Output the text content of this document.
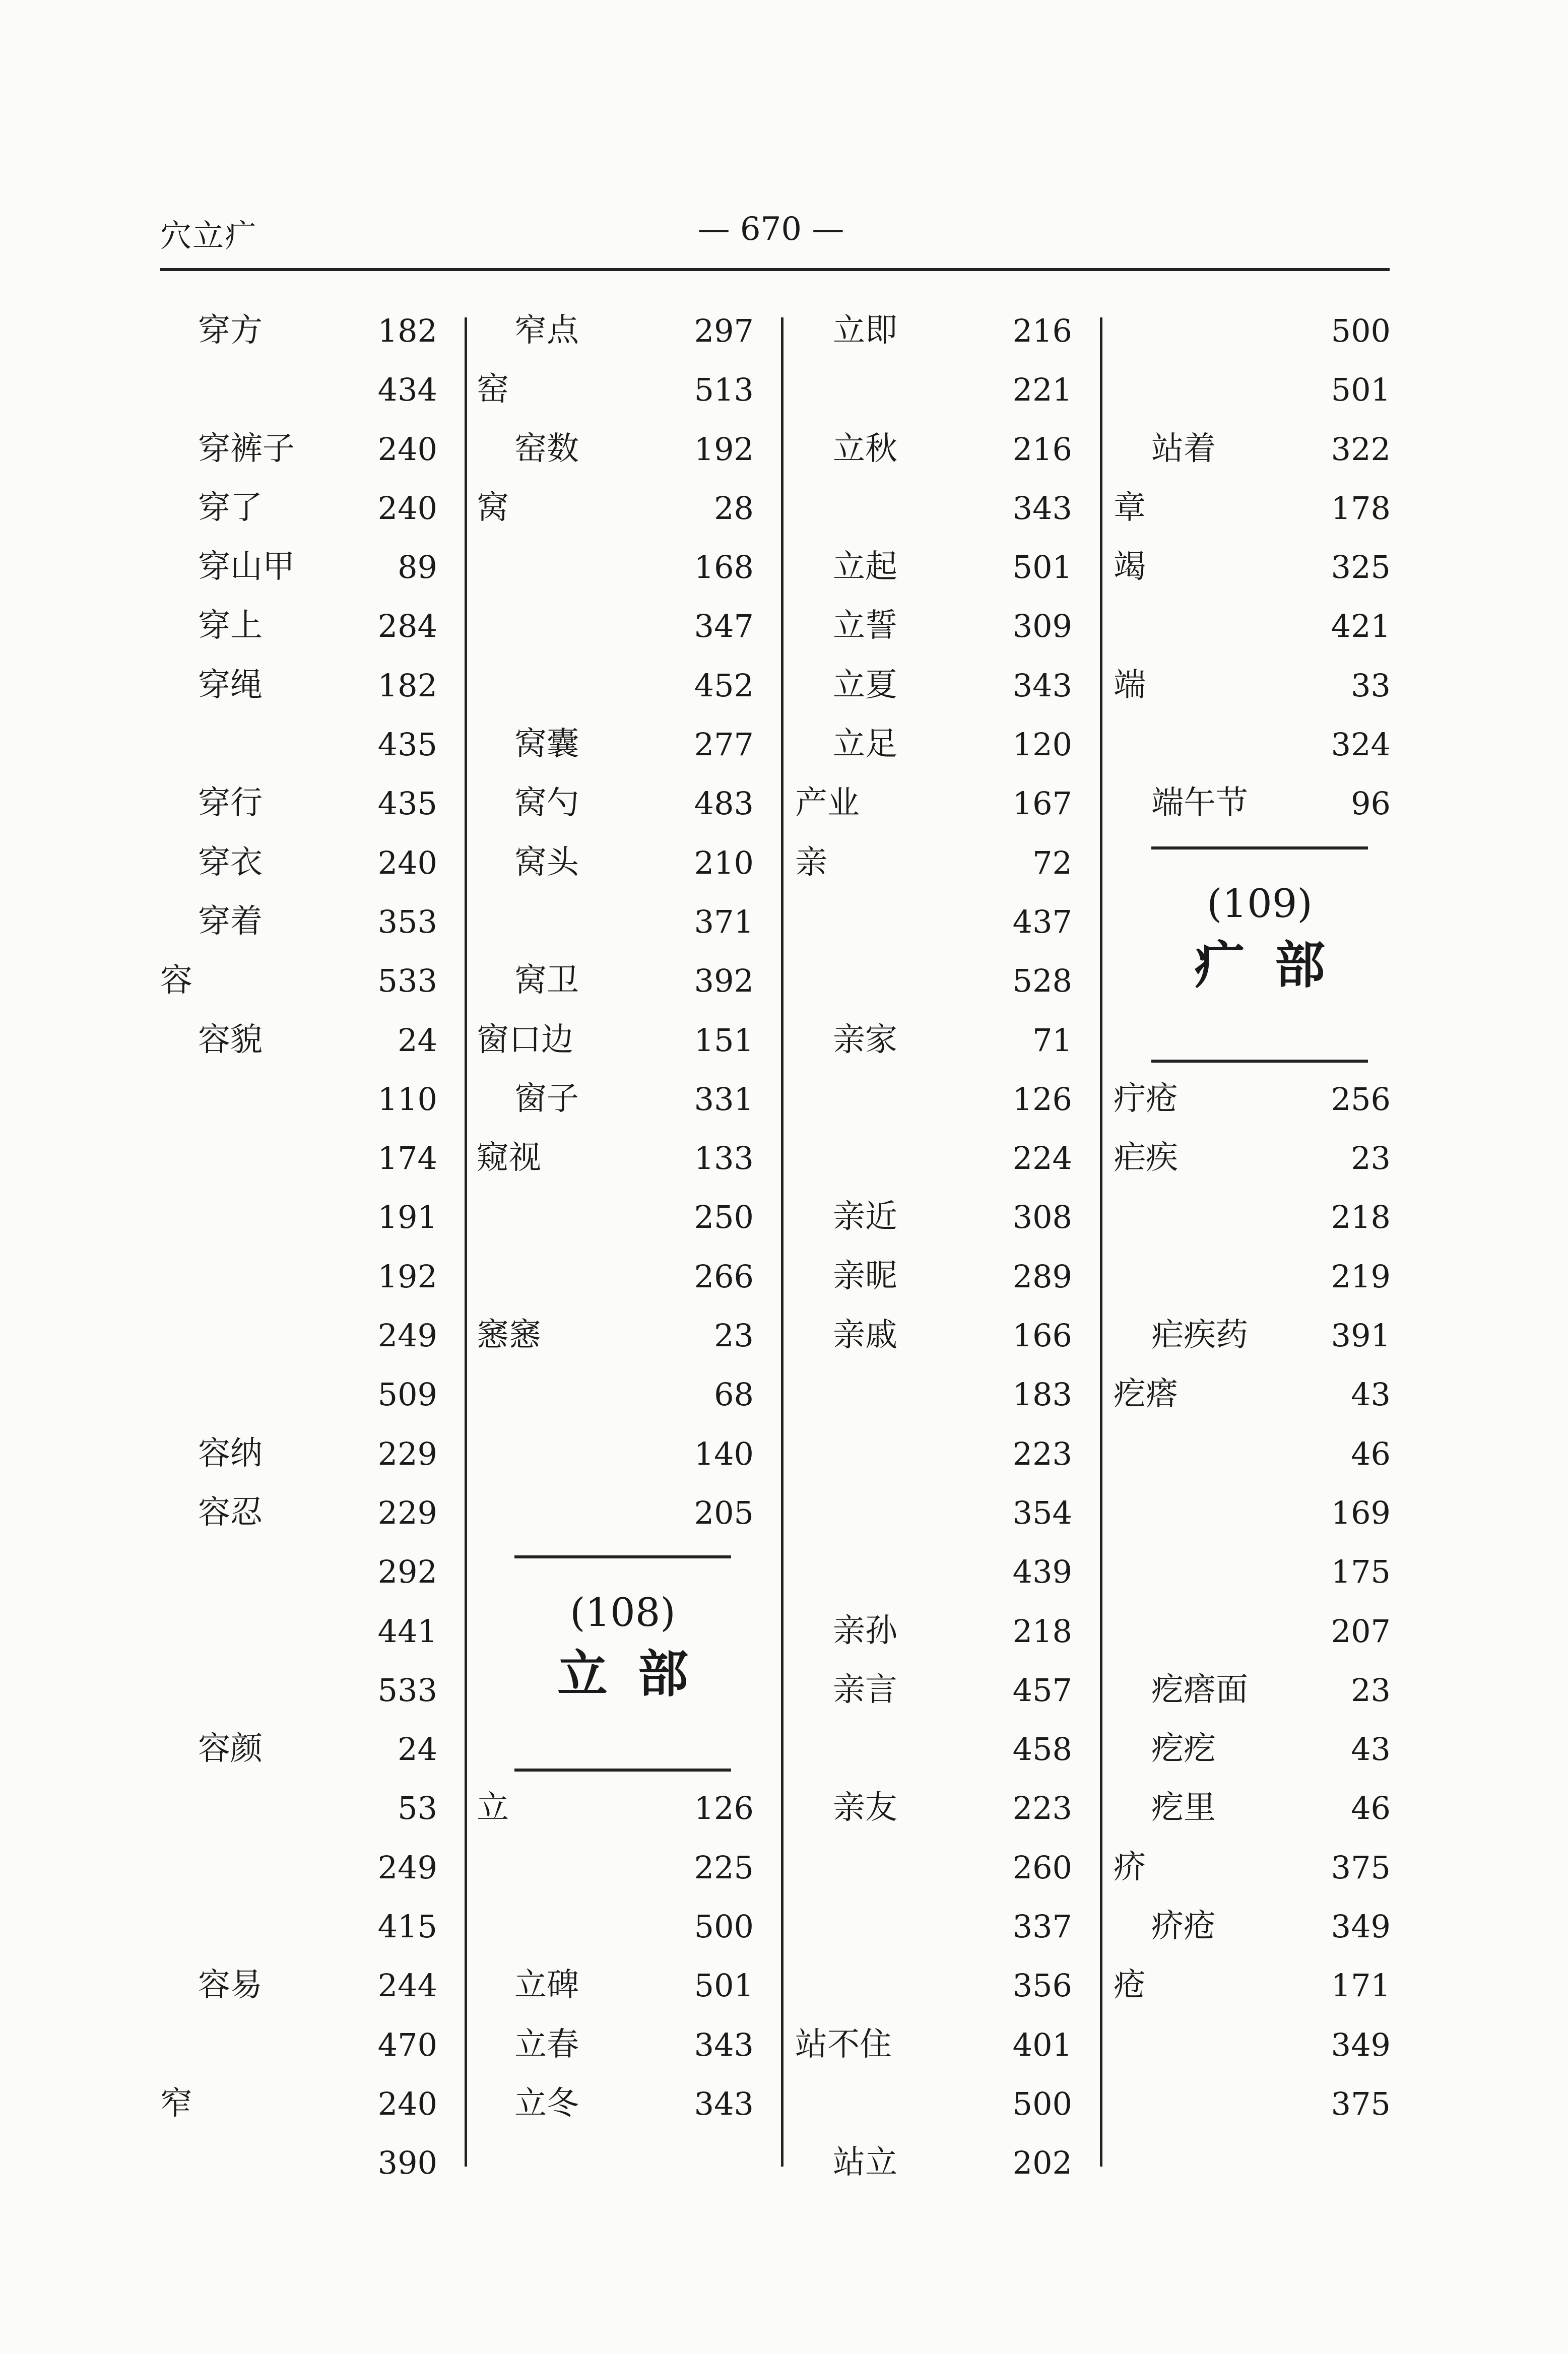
穴立疒	— 670 —
穿方	182
434
穿裤子	240
穿了	240
穿山甲	89
穿上	284
穿绳	182
435
穿行	435
穿衣	240
穿着	353
容	533
容貌	24
110
174
191
192
249
509
容纳	229
容忍	229
292
441
533
容颜	24
53
249
415
容易	244
470
窄	240
390
窄点	297
窑	513
窑数	192
窝	28
168
347
452
窝囊	277
窝勺	483
窝头	210
371
窝卫	392
窗口边	151
窗子	331
窥视	133
250
266
窸窸	23
68
140
205
(108)
立部
立	126
225
500
立碑	501
立春	343
立冬	343
立即	216
221
立秋	216
343
立起	501
立誓	309
立夏	343
立足	120
产业	167
亲	72
437
528
亲家	71
126
224
亲近	308
亲昵	289
亲戚	166
183
223
354
439
亲孙	218
亲言	457
458
亲友	223
260
337
356
站不住	401
500
站立	202
500
501
站着	322
章	178
竭	325
421
端	33
324
端午节	96
(109)
疒部
疔疮	256
疟疾	23
218
219
疟疾药	391
疙瘩	43
46
169
175
207
疙瘩面	23
疙疙	43
疙里	46
疥	375
疥疮	349
疮	171
349
375
